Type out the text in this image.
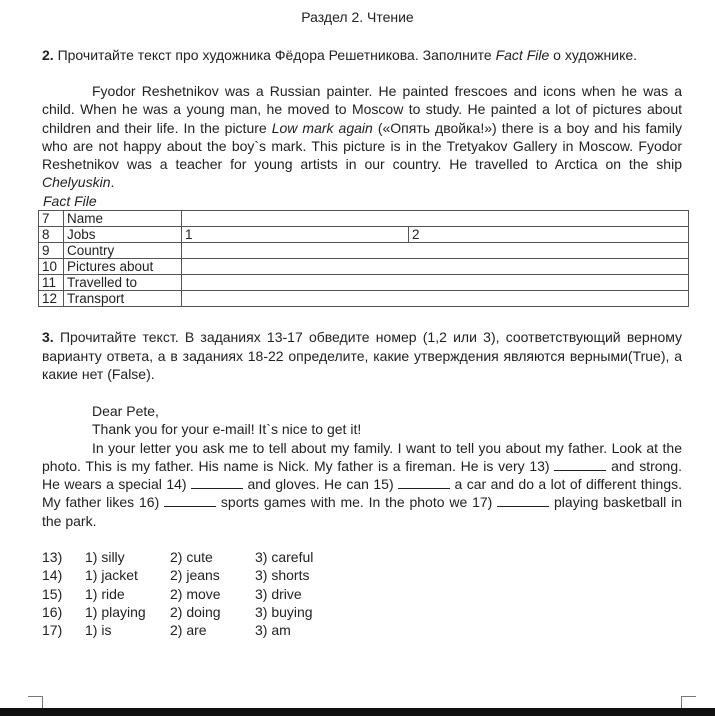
Раздел 2. Чтение
2. Прочитайте текст про художника Фёдора Решетникова. Заполните Fact File о художнике.

Fyodor Reshetnikov was a Russian painter. He painted frescoes and icons when he was a child. When he was a young man, he moved to Moscow to study. He painted a lot of pictures about children and their life. In the picture Low mark again («Опять двойка!») there is a boy and his family who are not happy about the boy`s mark. This picture is in the Tretyakov Gallery in Moscow. Fyodor Reshetnikov was a teacher for young artists in our country. He travelled to Arctica on the ship Chelyuskin.

Fact File
7	Name		
8	Jobs	1	2
9	Country		
10	Pictures about		
11	Travelled to		
12	Transport		
3. Прочитайте текст. В заданиях 13-17 обведите номер (1,2 или 3), соответствующий верному варианту ответа, а в заданиях 18-22 определите, какие утверждения являются верными(True), а какие нет (False).

Dear Pete,

Thank you for your e-mail! It`s nice to get it!

In your letter you ask me to tell about my family. I want to tell you about my father. Look at the photo. This is my father. His name is Nick. My father is a fireman. He is very 13)	and strong. He wears a special 14)	and gloves. He can 15)	a car and do a lot of different things. My father likes 16)	sports games with me. In the photo we 17)	playing basketball in the park.

13)	1) silly	2) cute	3) careful
14)	1) jacket	2) jeans	3) shorts
15)	1) ride	2) move	3) drive
16)	1) playing	2) doing	3) buying
17)	1) is	2) are	3) am
